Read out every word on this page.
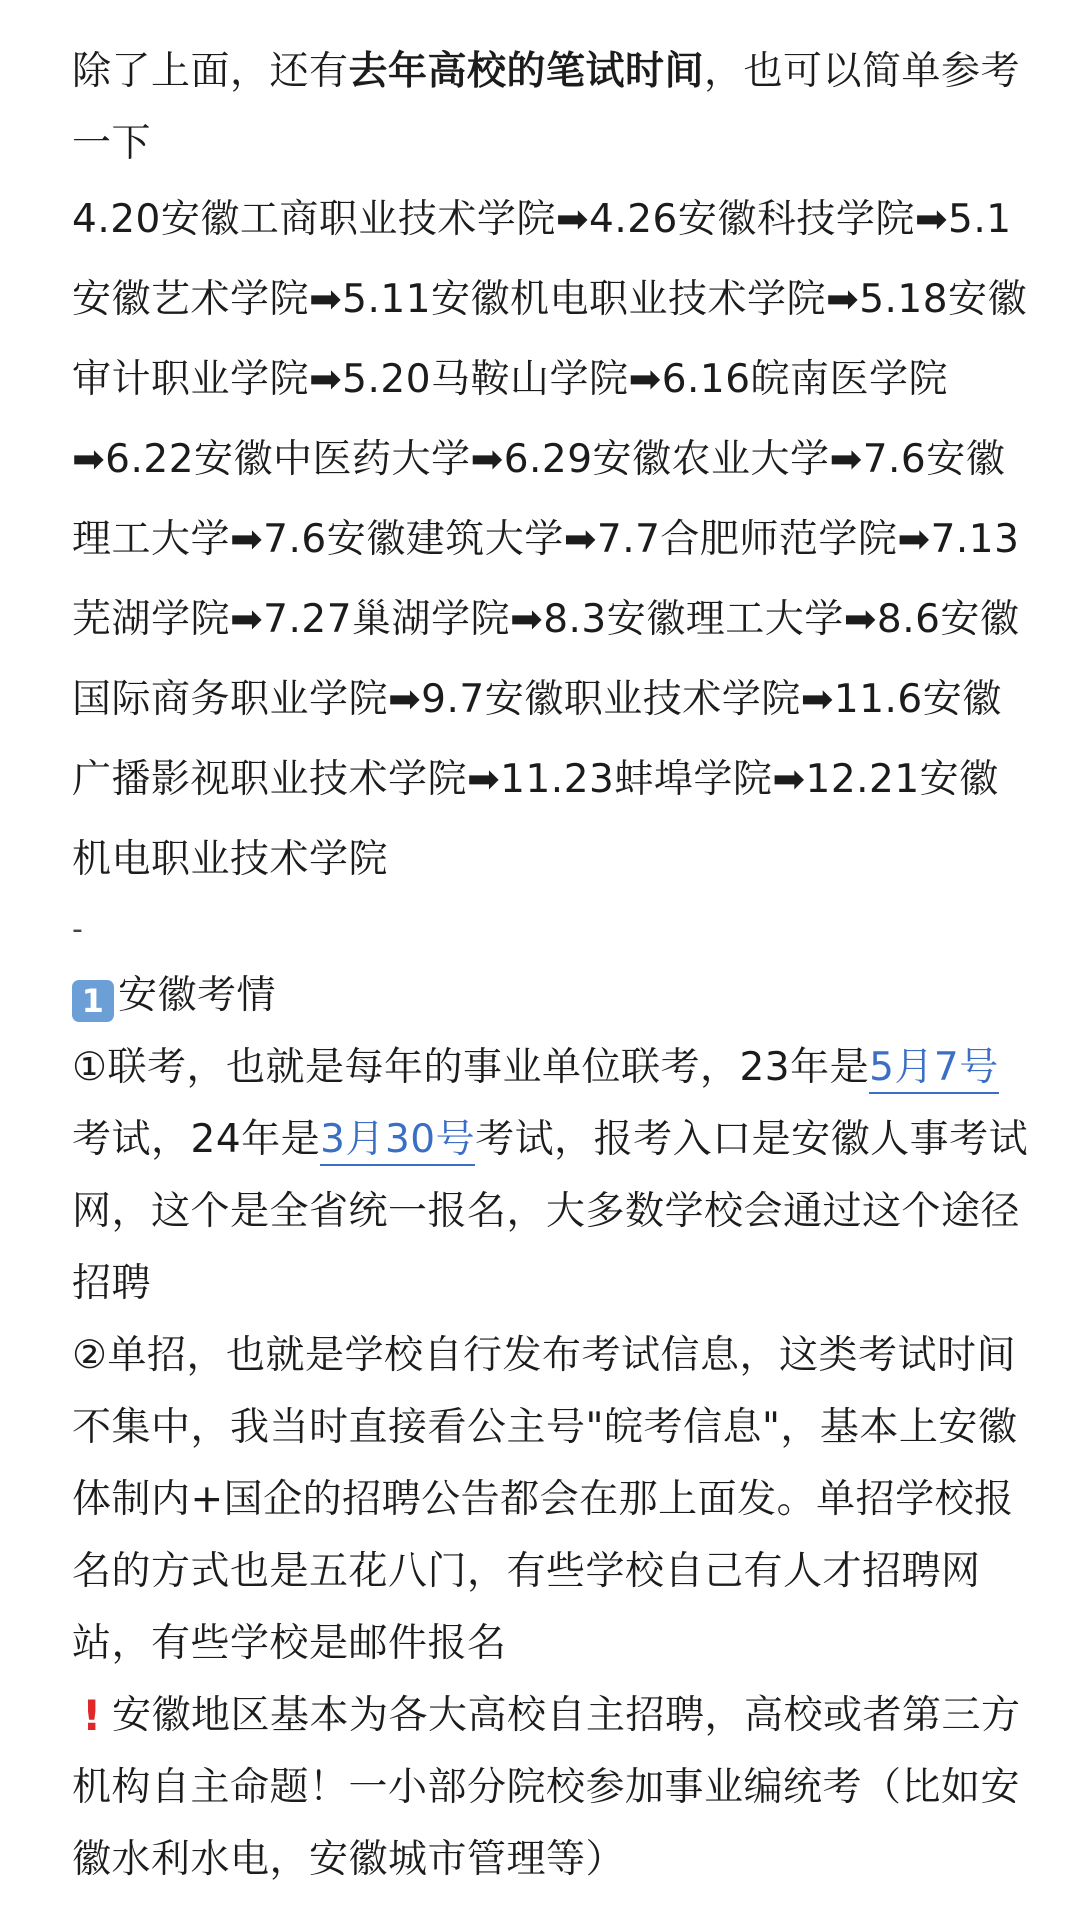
除了上面，还有去年高校的笔试时间，也可以简单参考一下
4.20安徽工商职业技术学院➡4.26安徽科技学院➡5.1安徽艺术学院➡5.11安徽机电职业技术学院➡5.18安徽审计职业学院➡5.20马鞍山学院➡6.16皖南医学院➡6.22安徽中医药大学➡6.29安徽农业大学➡7.6安徽理工大学➡7.6安徽建筑大学➡7.7合肥师范学院➡7.13芜湖学院➡7.27巢湖学院➡8.3安徽理工大学➡8.6安徽国际商务职业学院➡9.7安徽职业技术学院➡11.6安徽广播影视职业技术学院➡11.23蚌埠学院➡12.21安徽机电职业技术学院
-
1 安徽考情
①联考，也就是每年的事业单位联考，23年是5月7号考试，24年是3月30号考试，报考入口是安徽人事考试网，这个是全省统一报名，大多数学校会通过这个途径招聘
②单招，也就是学校自行发布考试信息，这类考试时间不集中，我当时直接看公主号"皖考信息"，基本上安徽体制内+国企的招聘公告都会在那上面发。单招学校报名的方式也是五花八门，有些学校自己有人才招聘网站，有些学校是邮件报名
! 安徽地区基本为各大高校自主招聘，高校或者第三方机构自主命题！一小部分院校参加事业编统考（比如安徽水利水电，安徽城市管理等）
